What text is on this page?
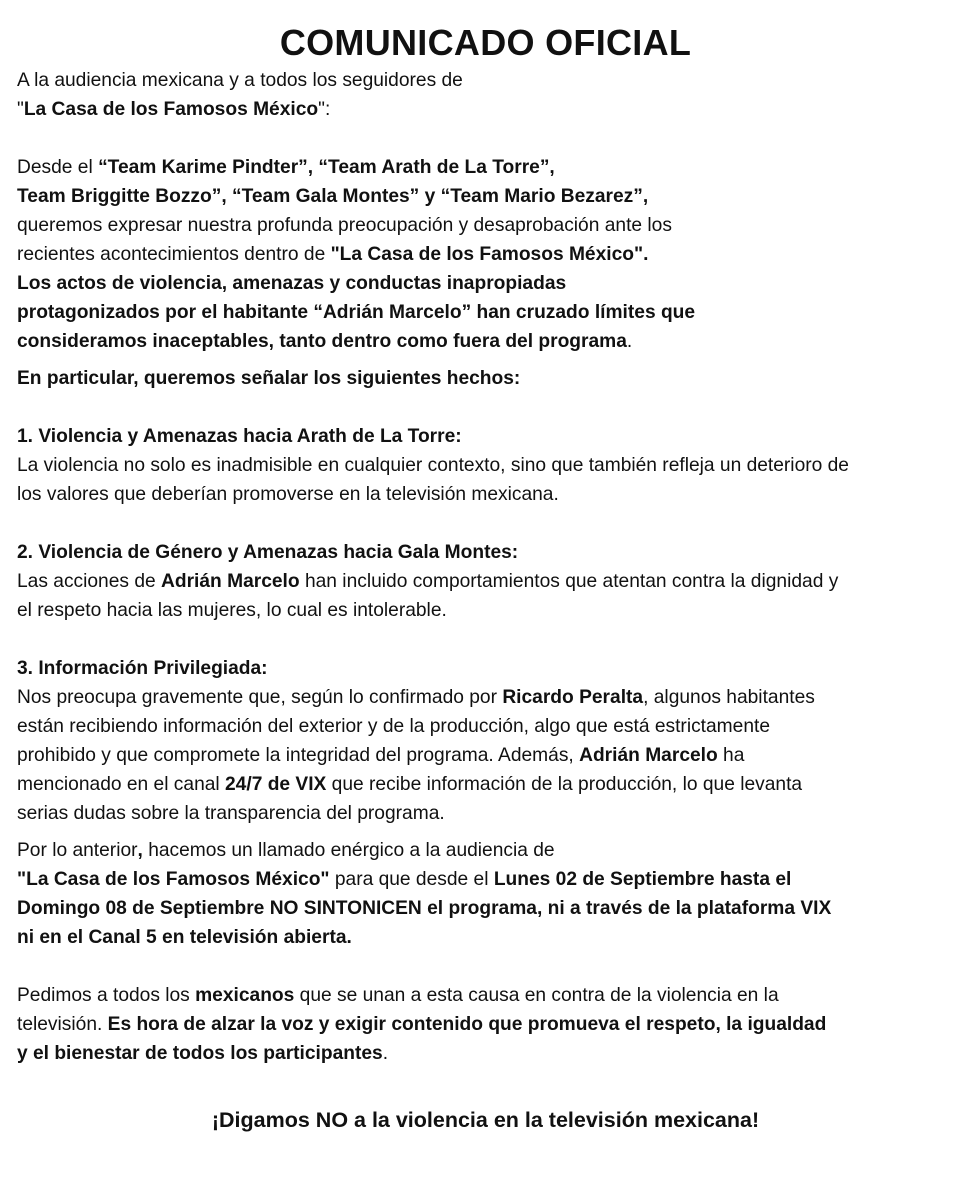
COMUNICADO OFICIAL
A la audiencia mexicana y a todos los seguidores de
"La Casa de los Famosos México":
Desde el “Team Karime Pindter”, “Team Arath de La Torre”,
Team Briggitte Bozzo”, “Team Gala Montes” y “Team Mario Bezarez”,
queremos expresar nuestra profunda preocupación y desaprobación ante los
recientes acontecimientos dentro de "La Casa de los Famosos México".
Los actos de violencia, amenazas y conductas inapropiadas
protagonizados por el habitante “Adrián Marcelo” han cruzado límites que
consideramos inaceptables, tanto dentro como fuera del programa.
En particular, queremos señalar los siguientes hechos:
1. Violencia y Amenazas hacia Arath de La Torre:
La violencia no solo es inadmisible en cualquier contexto, sino que también refleja un deterioro de
los valores que deberían promoverse en la televisión mexicana.
2. Violencia de Género y Amenazas hacia Gala Montes:
Las acciones de Adrián Marcelo han incluido comportamientos que atentan contra la dignidad y
el respeto hacia las mujeres, lo cual es intolerable.
3. Información Privilegiada:
Nos preocupa gravemente que, según lo confirmado por Ricardo Peralta, algunos habitantes
están recibiendo información del exterior y de la producción, algo que está estrictamente
prohibido y que compromete la integridad del programa. Además, Adrián Marcelo ha
mencionado en el canal 24/7 de VIX que recibe información de la producción, lo que levanta
serias dudas sobre la transparencia del programa.
Por lo anterior, hacemos un llamado enérgico a la audiencia de
"La Casa de los Famosos México" para que desde el Lunes 02 de Septiembre hasta el
Domingo 08 de Septiembre NO SINTONICEN el programa, ni a través de la plataforma VIX
ni en el Canal 5 en televisión abierta.
Pedimos a todos los mexicanos que se unan a esta causa en contra de la violencia en la
televisión. Es hora de alzar la voz y exigir contenido que promueva el respeto, la igualdad
y el bienestar de todos los participantes.
¡Digamos NO a la violencia en la televisión mexicana!
